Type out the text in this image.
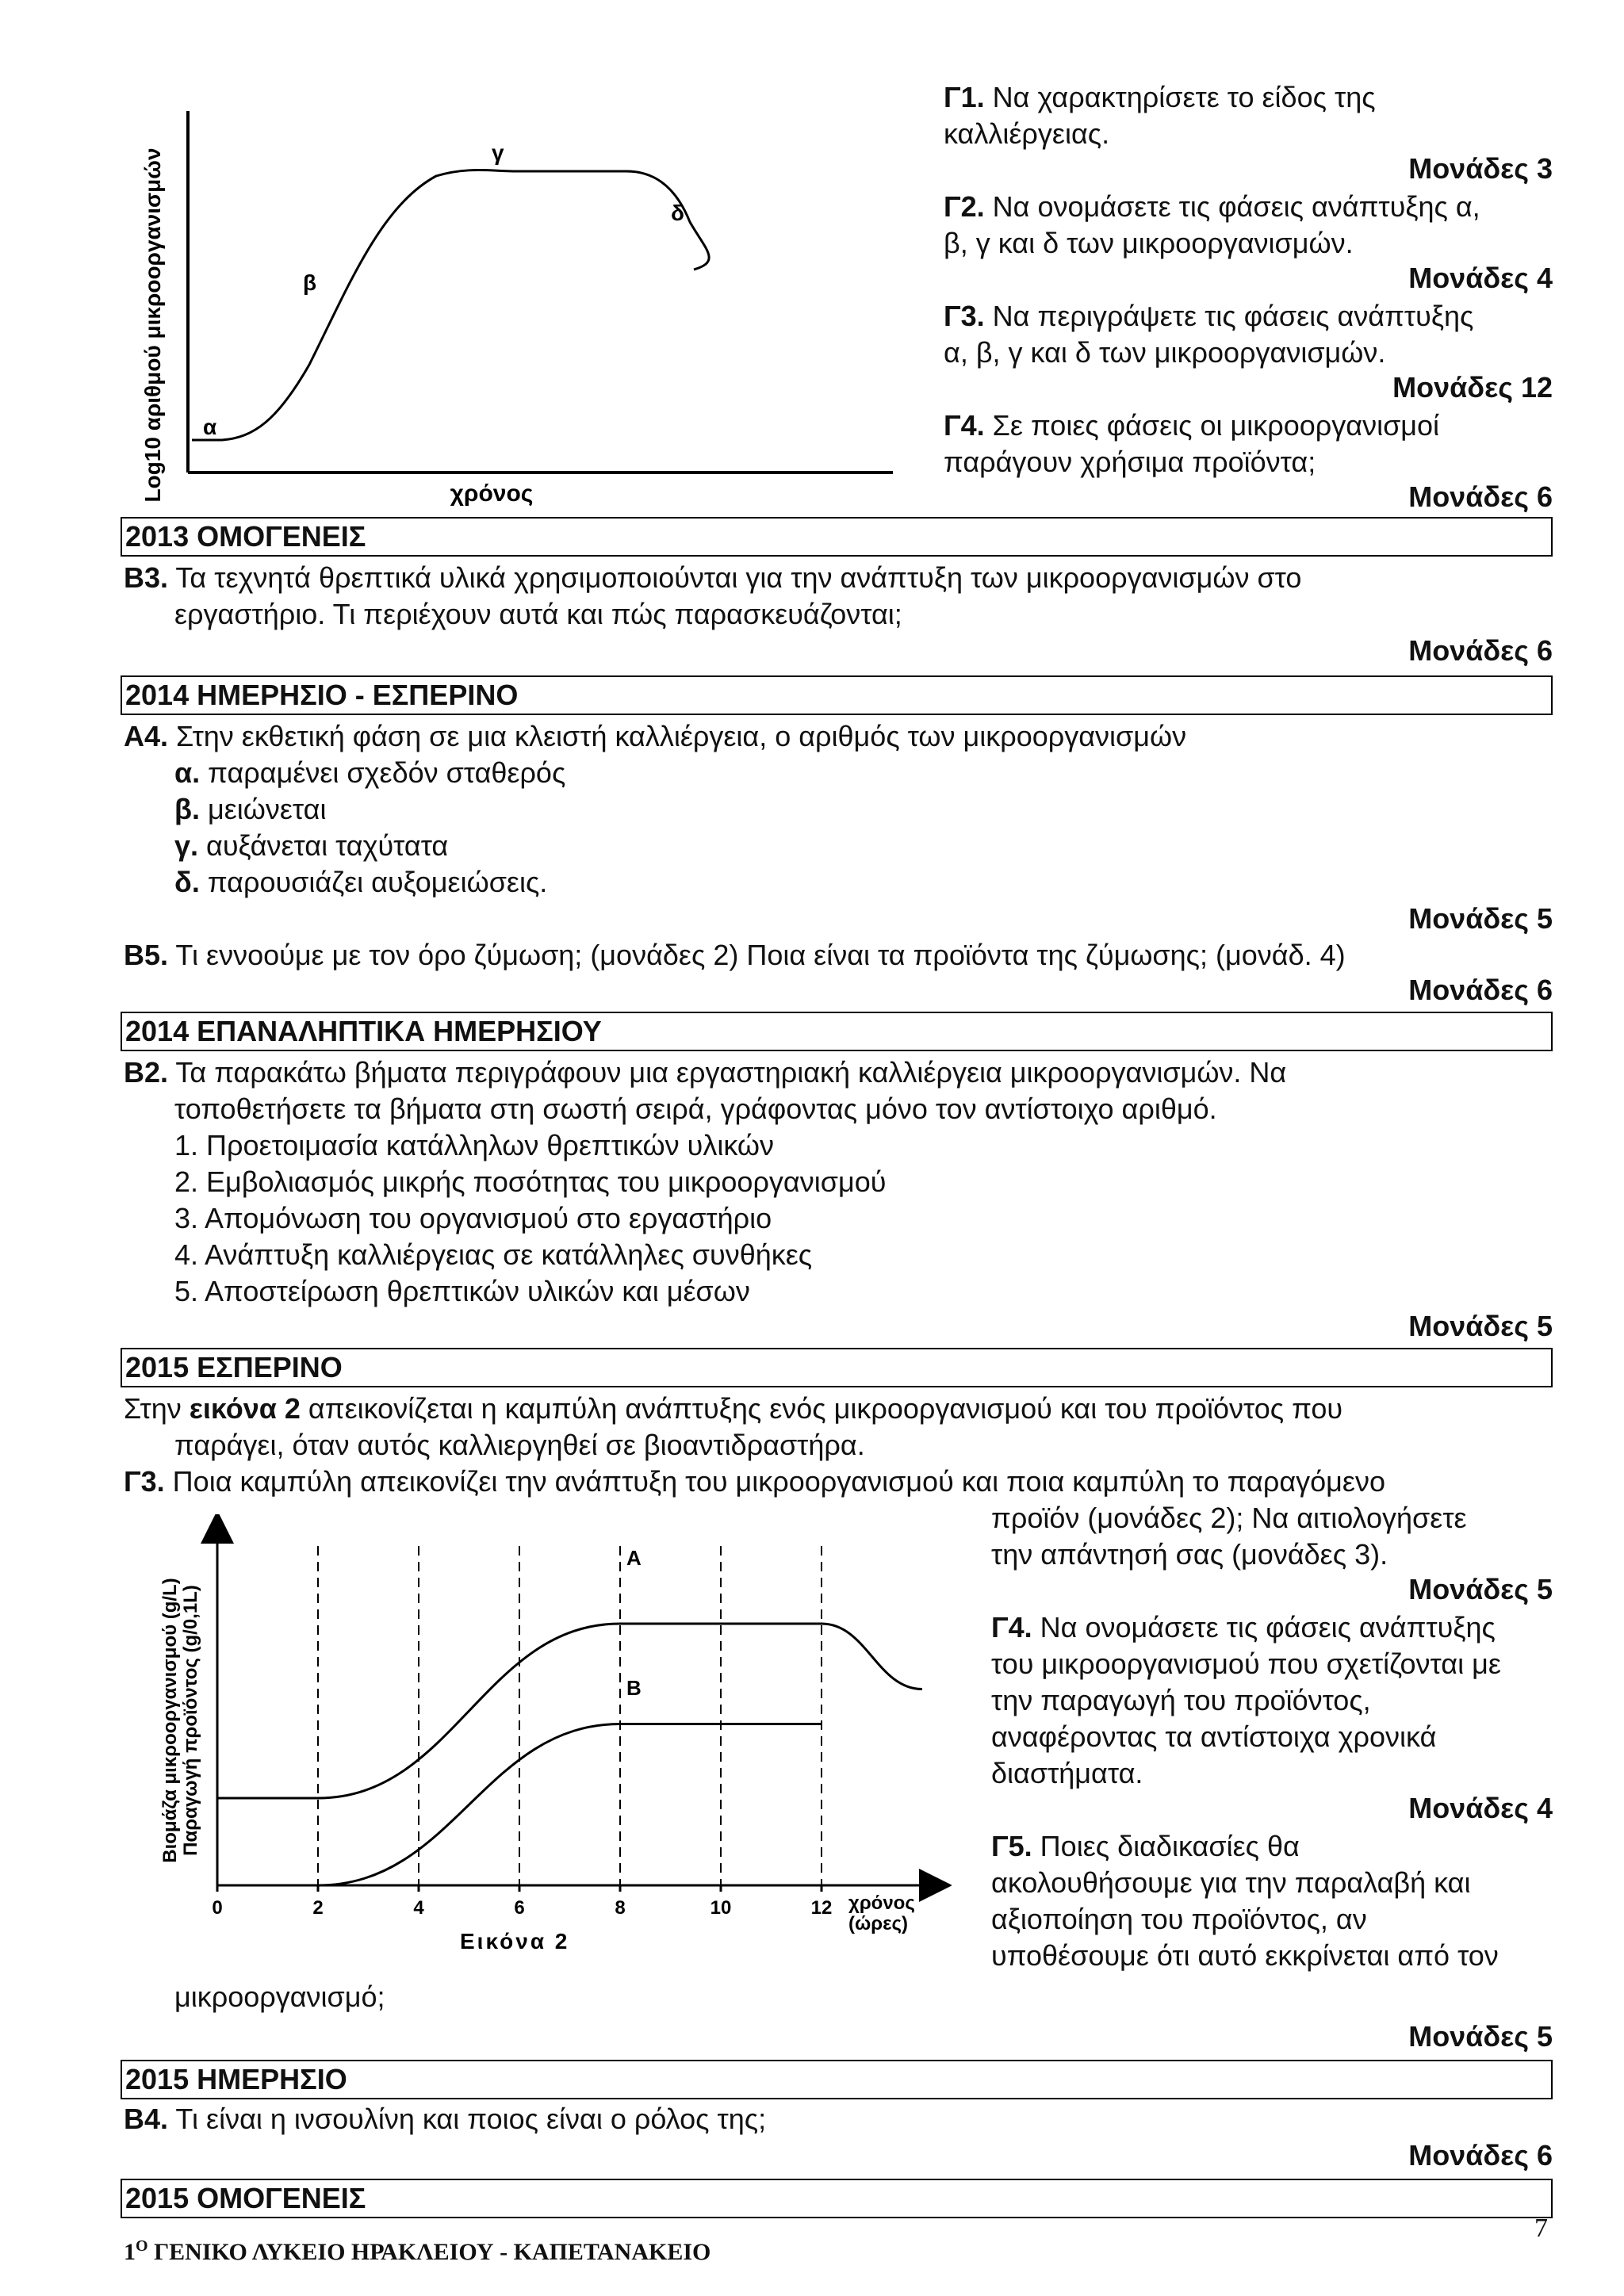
α
β
γ
δ
χρόνος
Log10 αριθμού μικροοργανισμών
Γ1. Να χαρακτηρίσετε το είδος της
καλλιέργειας.
Μονάδες 3
Γ2. Να ονομάσετε τις φάσεις ανάπτυξης α,
β, γ και δ των μικροοργανισμών.
Μονάδες 4
Γ3. Να περιγράψετε τις φάσεις ανάπτυξης
α, β, γ και δ των μικροοργανισμών.
Μονάδες 12
Γ4. Σε ποιες φάσεις οι μικροοργανισμοί
παράγουν χρήσιμα προϊόντα;
Μονάδες 6
2013 ΟΜΟΓΕΝΕΙΣ
Β3. Τα τεχνητά θρεπτικά υλικά χρησιμοποιούνται για την ανάπτυξη των μικροοργανισμών στο
εργαστήριο. Τι περιέχουν αυτά και πώς παρασκευάζονται;
Μονάδες 6
2014 ΗΜΕΡΗΣΙΟ - ΕΣΠΕΡΙΝΟ
Α4. Στην εκθετική φάση σε μια κλειστή καλλιέργεια, ο αριθμός των μικροοργανισμών
α. παραμένει σχεδόν σταθερός
β. μειώνεται
γ. αυξάνεται ταχύτατα
δ. παρουσιάζει αυξομειώσεις.
Μονάδες 5
Β5. Τι εννοούμε με τον όρο ζύμωση; (μονάδες 2) Ποια είναι τα προϊόντα της ζύμωσης; (μονάδ. 4)
Μονάδες 6
2014 ΕΠΑΝΑΛΗΠΤΙΚΑ ΗΜΕΡΗΣΙΟΥ
Β2. Τα παρακάτω βήματα περιγράφουν μια εργαστηριακή καλλιέργεια μικροοργανισμών. Να
τοποθετήσετε τα βήματα στη σωστή σειρά, γράφοντας μόνο τον αντίστοιχο αριθμό.
1. Προετοιμασία κατάλληλων θρεπτικών υλικών
2. Εμβολιασμός μικρής ποσότητας του μικροοργανισμού
3. Απομόνωση του οργανισμού στο εργαστήριο
4. Ανάπτυξη καλλιέργειας σε κατάλληλες συνθήκες
5. Αποστείρωση θρεπτικών υλικών και μέσων
Μονάδες 5
2015 ΕΣΠΕΡΙΝΟ
Στην εικόνα 2 απεικονίζεται η καμπύλη ανάπτυξης ενός μικροοργανισμού και του προϊόντος που
παράγει, όταν αυτός καλλιεργηθεί σε βιοαντιδραστήρα.
Γ3. Ποια καμπύλη απεικονίζει την ανάπτυξη του μικροοργανισμού και ποια καμπύλη το παραγόμενο
προϊόν (μονάδες 2); Να αιτιολογήσετε
την απάντησή σας (μονάδες 3).
Μονάδες 5
Γ4. Να ονομάσετε τις φάσεις ανάπτυξης
του μικροοργανισμού που σχετίζονται με
την παραγωγή του προϊόντος,
αναφέροντας τα αντίστοιχα χρονικά
διαστήματα.
Μονάδες 4
Γ5. Ποιες διαδικασίες θα
ακολουθήσουμε για την παραλαβή και
αξιοποίηση του προϊόντος, αν
υποθέσουμε ότι αυτό εκκρίνεται από τον
μικροοργανισμό;
Μονάδες 5
0	2	4	6	8	10	12
A
B
χρόνος
(ώρες)
Βιομάζα μικροοργανισμού (g/L) Παραγωγή προϊόντος (g/0,1L)
Εικόνα 2
2015 ΗΜΕΡΗΣΙΟ
Β4. Τι είναι η ινσουλίνη και ποιος είναι ο ρόλος της;
Μονάδες 6
2015 ΟΜΟΓΕΝΕΙΣ
$1^O$ ΓΕΝΙΚΟ ΛΥΚΕΙΟ ΗΡΑΚΛΕΙΟΥ - ΚΑΠΕΤΑΝΑΚΕΙΟ
7
